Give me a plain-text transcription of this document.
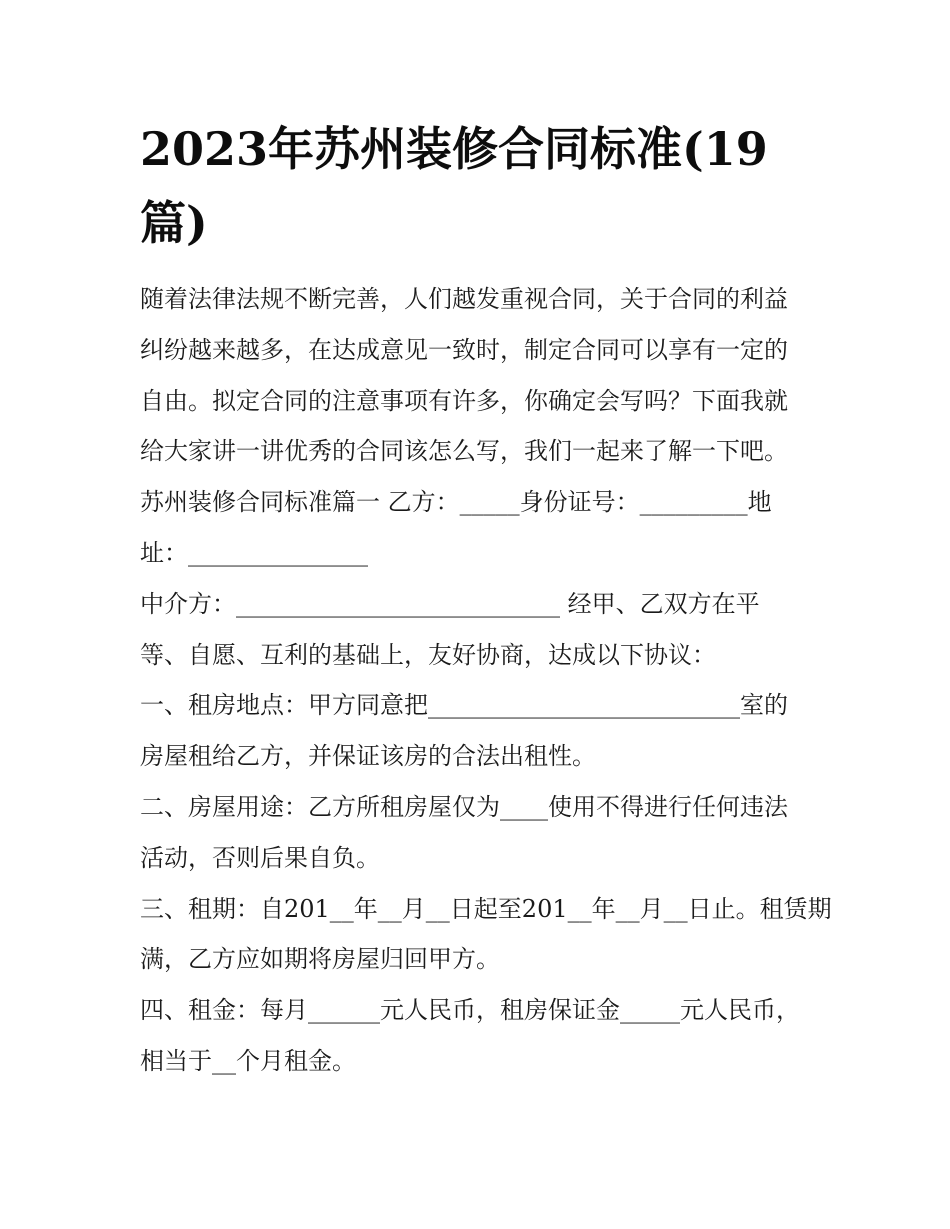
2023年苏州装修合同标准(19
篇)
随着法律法规不断完善，人们越发重视合同，关于合同的利益
纠纷越来越多，在达成意见一致时，制定合同可以享有一定的
自由。拟定合同的注意事项有许多，你确定会写吗？下面我就
给大家讲一讲优秀的合同该怎么写，我们一起来了解一下吧。
苏州装修合同标准篇一 乙方：_____身份证号：_________地
址：_______________
中介方：___________________________ 经甲、乙双方在平
等、自愿、互利的基础上，友好协商，达成以下协议：
一、租房地点：甲方同意把__________________________室的
房屋租给乙方，并保证该房的合法出租性。
二、房屋用途：乙方所租房屋仅为____使用不得进行任何违法
活动，否则后果自负。
三、租期：自201__年__月__日起至201__年__月__日止。租赁期
满，乙方应如期将房屋归回甲方。
四、租金：每月______元人民币，租房保证金_____元人民币，
相当于__个月租金。
